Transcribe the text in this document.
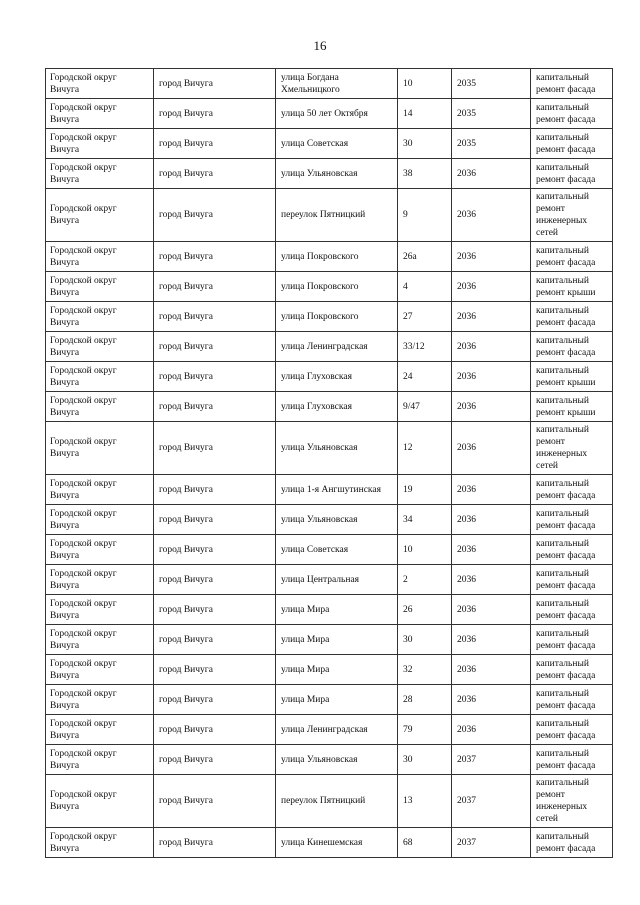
16
Городской округ Вичуга	город Вичуга	улица Богдана Хмельницкого	10	2035	капитальный ремонт фасада
Городской округ Вичуга	город Вичуга	улица 50 лет Октября	14	2035	капитальный ремонт фасада
Городской округ Вичуга	город Вичуга	улица Советская	30	2035	капитальный ремонт фасада
Городской округ Вичуга	город Вичуга	улица Ульяновская	38	2036	капитальный ремонт фасада
Городской округ Вичуга	город Вичуга	переулок Пятницкий	9	2036	капитальный ремонт инженерных сетей
Городской округ Вичуга	город Вичуга	улица Покровского	26а	2036	капитальный ремонт фасада
Городской округ Вичуга	город Вичуга	улица Покровского	4	2036	капитальный ремонт крыши
Городской округ Вичуга	город Вичуга	улица Покровского	27	2036	капитальный ремонт фасада
Городской округ Вичуга	город Вичуга	улица Ленинградская	33/12	2036	капитальный ремонт фасада
Городской округ Вичуга	город Вичуга	улица Глуховская	24	2036	капитальный ремонт крыши
Городской округ Вичуга	город Вичуга	улица Глуховская	9/47	2036	капитальный ремонт крыши
Городской округ Вичуга	город Вичуга	улица Ульяновская	12	2036	капитальный ремонт инженерных сетей
Городской округ Вичуга	город Вичуга	улица 1-я Ангшутинская	19	2036	капитальный ремонт фасада
Городской округ Вичуга	город Вичуга	улица Ульяновская	34	2036	капитальный ремонт фасада
Городской округ Вичуга	город Вичуга	улица Советская	10	2036	капитальный ремонт фасада
Городской округ Вичуга	город Вичуга	улица Центральная	2	2036	капитальный ремонт фасада
Городской округ Вичуга	город Вичуга	улица Мира	26	2036	капитальный ремонт фасада
Городской округ Вичуга	город Вичуга	улица Мира	30	2036	капитальный ремонт фасада
Городской округ Вичуга	город Вичуга	улица Мира	32	2036	капитальный ремонт фасада
Городской округ Вичуга	город Вичуга	улица Мира	28	2036	капитальный ремонт фасада
Городской округ Вичуга	город Вичуга	улица Ленинградская	79	2036	капитальный ремонт фасада
Городской округ Вичуга	город Вичуга	улица Ульяновская	30	2037	капитальный ремонт фасада
Городской округ Вичуга	город Вичуга	переулок Пятницкий	13	2037	капитальный ремонт инженерных сетей
Городской округ Вичуга	город Вичуга	улица Кинешемская	68	2037	капитальный ремонт фасада
